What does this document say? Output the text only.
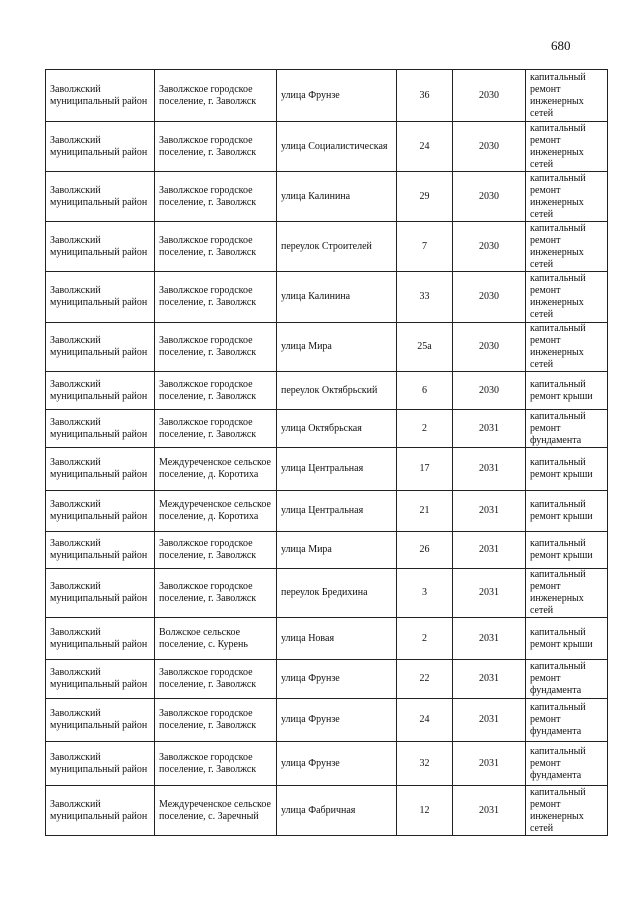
680
Заволжский муниципальный район	Заволжское городское поселение, г. Заволжск	улица Фрунзе	36	2030	капитальный ремонт инженерных сетей
Заволжский муниципальный район	Заволжское городское поселение, г. Заволжск	улица Социалистическая	24	2030	капитальный ремонт инженерных сетей
Заволжский муниципальный район	Заволжское городское поселение, г. Заволжск	улица Калинина	29	2030	капитальный ремонт инженерных сетей
Заволжский муниципальный район	Заволжское городское поселение, г. Заволжск	переулок Строителей	7	2030	капитальный ремонт инженерных сетей
Заволжский муниципальный район	Заволжское городское поселение, г. Заволжск	улица Калинина	33	2030	капитальный ремонт инженерных сетей
Заволжский муниципальный район	Заволжское городское поселение, г. Заволжск	улица Мира	25а	2030	капитальный ремонт инженерных сетей
Заволжский муниципальный район	Заволжское городское поселение, г. Заволжск	переулок Октябрьский	6	2030	капитальный ремонт крыши
Заволжский муниципальный район	Заволжское городское поселение, г. Заволжск	улица Октябрьская	2	2031	капитальный ремонт фундамента
Заволжский муниципальный район	Междуреченское сельское поселение, д. Коротиха	улица Центральная	17	2031	капитальный ремонт крыши
Заволжский муниципальный район	Междуреченское сельское поселение, д. Коротиха	улица Центральная	21	2031	капитальный ремонт крыши
Заволжский муниципальный район	Заволжское городское поселение, г. Заволжск	улица Мира	26	2031	капитальный ремонт крыши
Заволжский муниципальный район	Заволжское городское поселение, г. Заволжск	переулок Бредихина	3	2031	капитальный ремонт инженерных сетей
Заволжский муниципальный район	Волжское сельское поселение, с. Курень	улица Новая	2	2031	капитальный ремонт крыши
Заволжский муниципальный район	Заволжское городское поселение, г. Заволжск	улица Фрунзе	22	2031	капитальный ремонт фундамента
Заволжский муниципальный район	Заволжское городское поселение, г. Заволжск	улица Фрунзе	24	2031	капитальный ремонт фундамента
Заволжский муниципальный район	Заволжское городское поселение, г. Заволжск	улица Фрунзе	32	2031	капитальный ремонт фундамента
Заволжский муниципальный район	Междуреченское сельское поселение, с. Заречный	улица Фабричная	12	2031	капитальный ремонт инженерных сетей
